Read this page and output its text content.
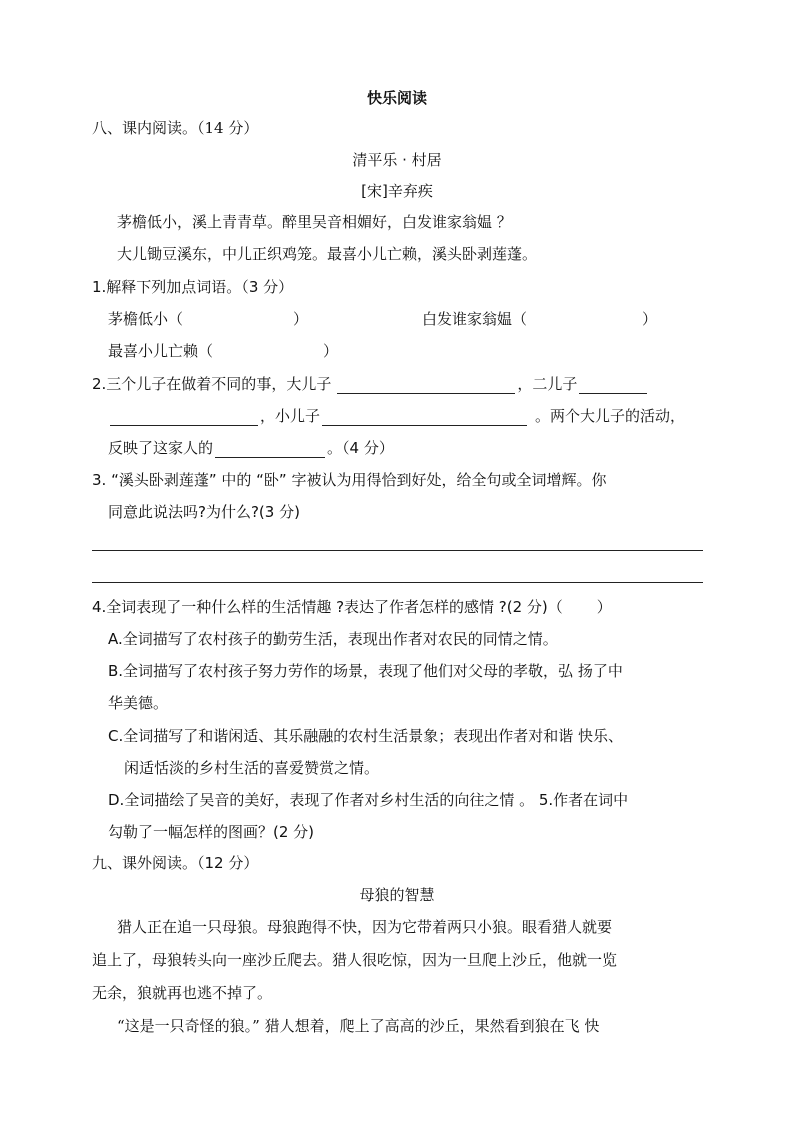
快乐阅读
八、课内阅读。（14 分）
清平乐 · 村居
[宋]辛弃疾
茅檐低小，溪上青青草。醉里吴音相媚好，白发谁家翁媪 ？
大儿锄豆溪东，中儿正织鸡笼。最喜小儿亡赖，溪头卧剥莲蓬。
1.解释下列加点词语。（3 分）
茅檐低小（	）	白发谁家翁媪（	）
最喜小儿亡赖（	）
2.三个儿子在做着不同的事，大儿子	，二儿子
，小儿子	。两个大儿子的活动，
反映了这家人的	。（4 分）
3. “溪头卧剥莲蓬” 中的 “卧” 字被认为用得恰到好处，给全句或全词增辉。你
同意此说法吗?为什么?(3 分)
4.全词表现了一种什么样的生活情趣 ?表达了作者怎样的感情 ?(2 分)（ ）
A.全词描写了农村孩子的勤劳生活，表现出作者对农民的同情之情。
B.全词描写了农村孩子努力劳作的场景，表现了他们对父母的孝敬，弘 扬了中
华美德。
C.全词描写了和谐闲适、其乐融融的农村生活景象；表现出作者对和谐 快乐、
闲适恬淡的乡村生活的喜爱赞赏之情。
D.全词描绘了吴音的美好，表现了作者对乡村生活的向往之情 。 5.作者在词中
勾勒了一幅怎样的图画？(2 分)
九、课外阅读。（12 分）
母狼的智慧
猎人正在追一只母狼。母狼跑得不快，因为它带着两只小狼。眼看猎人就要
追上了，母狼转头向一座沙丘爬去。猎人很吃惊，因为一旦爬上沙丘，他就一览
无余，狼就再也逃不掉了。
“这是一只奇怪的狼。” 猎人想着，爬上了高高的沙丘，果然看到狼在飞 快
